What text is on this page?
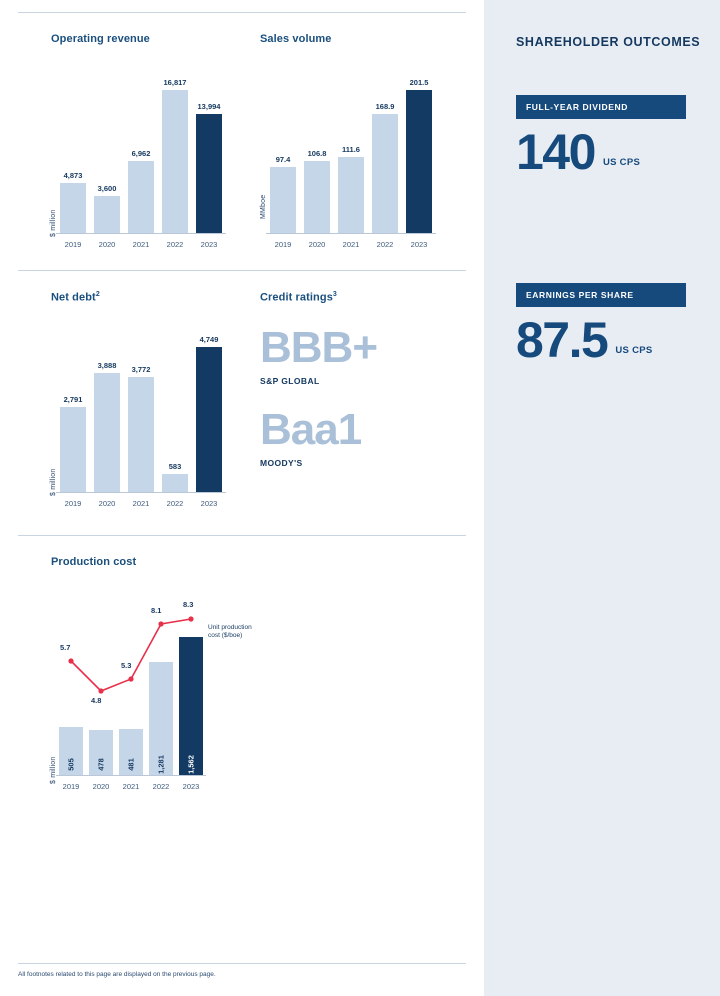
Operating revenue
$ million
4,873
3,600
6,962
16,817
13,994
2019	2020	2021	2022	2023
Sales volume
MMboe
97.4
106.8 111.6
168.9
201.5
2019	2020	2021	2022	2023
Net debt$^2$
$ million
2,791
3,888 3,772
583
4,749
2019	2020	2021	2022	2023
Credit ratings$^3$
BBB+
S&P GLOBAL
Baa1
MOODY'S
Production cost
$ million 505	478	481	1,281	1,562
5.7
4.8
5.3
8.1
8.3
Unit production
cost ($/boe)
2019	2020	2021	2022	2023
All footnotes related to this page are displayed on the previous page.
SHAREHOLDER OUTCOMES
FULL-YEAR DIVIDEND
140 US CPS
EARNINGS PER SHARE
87.5 US CPS
